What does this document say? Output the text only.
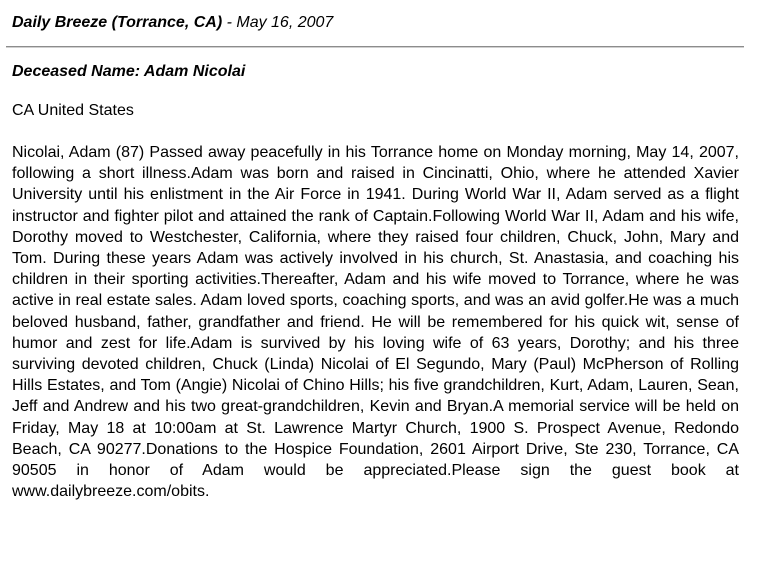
Daily Breeze (Torrance, CA) - May 16, 2007
Deceased Name: Adam Nicolai
CA United States

Nicolai, Adam (87) Passed away peacefully in his Torrance home on Monday morning, May 14, 2007, following a short illness.Adam was born and raised in Cincinatti, Ohio, where he attended Xavier University until his enlistment in the Air Force in 1941. During World War II, Adam served as a flight instructor and fighter pilot and attained the rank of Captain.Following World War II, Adam and his wife, Dorothy moved to Westchester, California, where they raised four children, Chuck, John, Mary and Tom. During these years Adam was actively involved in his church, St. Anastasia, and coaching his children in their sporting activities.Thereafter, Adam and his wife moved to Torrance, where he was active in real estate sales. Adam loved sports, coaching sports, and was an avid golfer.He was a much beloved husband, father, grandfather and friend. He will be remembered for his quick wit, sense of humor and zest for life.Adam is survived by his loving wife of 63 years, Dorothy; and his three surviving devoted children, Chuck (Linda) Nicolai of El Segundo, Mary (Paul) McPherson of Rolling Hills Estates, and Tom (Angie) Nicolai of Chino Hills; his five grandchildren, Kurt, Adam, Lauren, Sean, Jeff and Andrew and his two great-grandchildren, Kevin and Bryan.A memorial service will be held on Friday, May 18 at 10:00am at St. Lawrence Martyr Church, 1900 S. Prospect Avenue, Redondo Beach, CA 90277.Donations to the Hospice Foundation, 2601 Airport Drive, Ste 230, Torrance, CA 90505 in honor of Adam would be appreciated.Please sign the guest book at www.dailybreeze.com/obits.
